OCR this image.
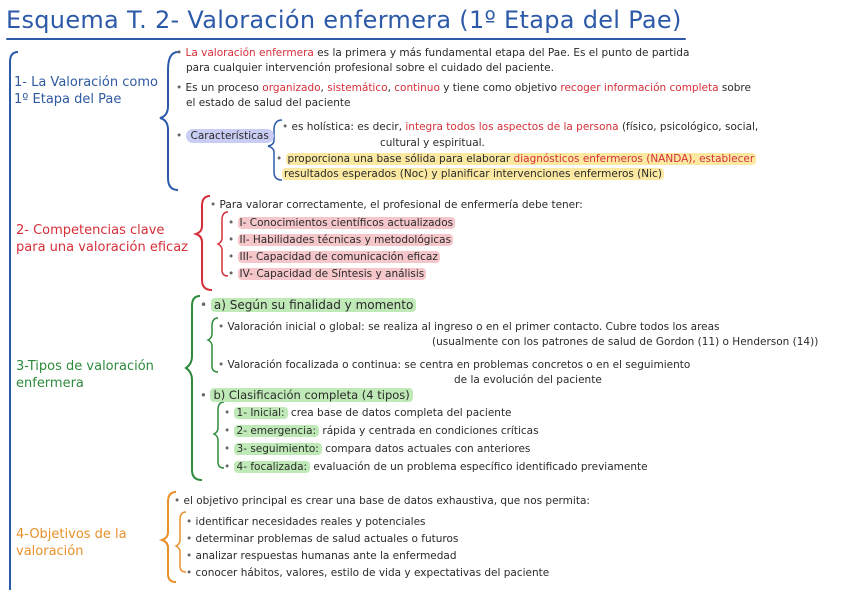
Esquema T. 2- Valoración enfermera (1º Etapa del Pae)
1- La Valoración como 1º Etapa del Pae
• La valoración enfermera es la primera y más fundamental etapa del Pae. Es el punto de partida
para cualquier intervención profesional sobre el cuidado del paciente.
• Es un proceso organizado, sistemático, continuo y tiene como objetivo recoger información completa sobre
el estado de salud del paciente
• Características
• es holística: es decir, integra todos los aspectos de la persona (físico, psicológico, social,
cultural y espiritual.
• proporciona una base sólida para elaborar diagnósticos enfermeros (NANDA), establecer
resultados esperados (Noc) y planificar intervenciones enfermeros (Nic)
2- Competencias clave para una valoración eficaz
• Para valorar correctamente, el profesional de enfermería debe tener:
• I- Conocimientos científicos actualizados
• II- Habilidades técnicas y metodológicas
• III- Capacidad de comunicación eficaz
• IV- Capacidad de Síntesis y análisis
3-Tipos de valoración enfermera
• a) Según su finalidad y momento
• Valoración inicial o global: se realiza al ingreso o en el primer contacto. Cubre todos los areas
(usualmente con los patrones de salud de Gordon (11) o Henderson (14))
• Valoración focalizada o continua: se centra en problemas concretos o en el seguimiento
de la evolución del paciente
• b) Clasificación completa (4 tipos)
• 1- Inicial: crea base de datos completa del paciente
• 2- emergencia: rápida y centrada en condiciones críticas
• 3- seguimiento: compara datos actuales con anteriores
• 4- focalizada: evaluación de un problema específico identificado previamente
4-Objetivos de la valoración
• el objetivo principal es crear una base de datos exhaustiva, que nos permita:
• identificar necesidades reales y potenciales
• determinar problemas de salud actuales o futuros
• analizar respuestas humanas ante la enfermedad
• conocer hábitos, valores, estilo de vida y expectativas del paciente
